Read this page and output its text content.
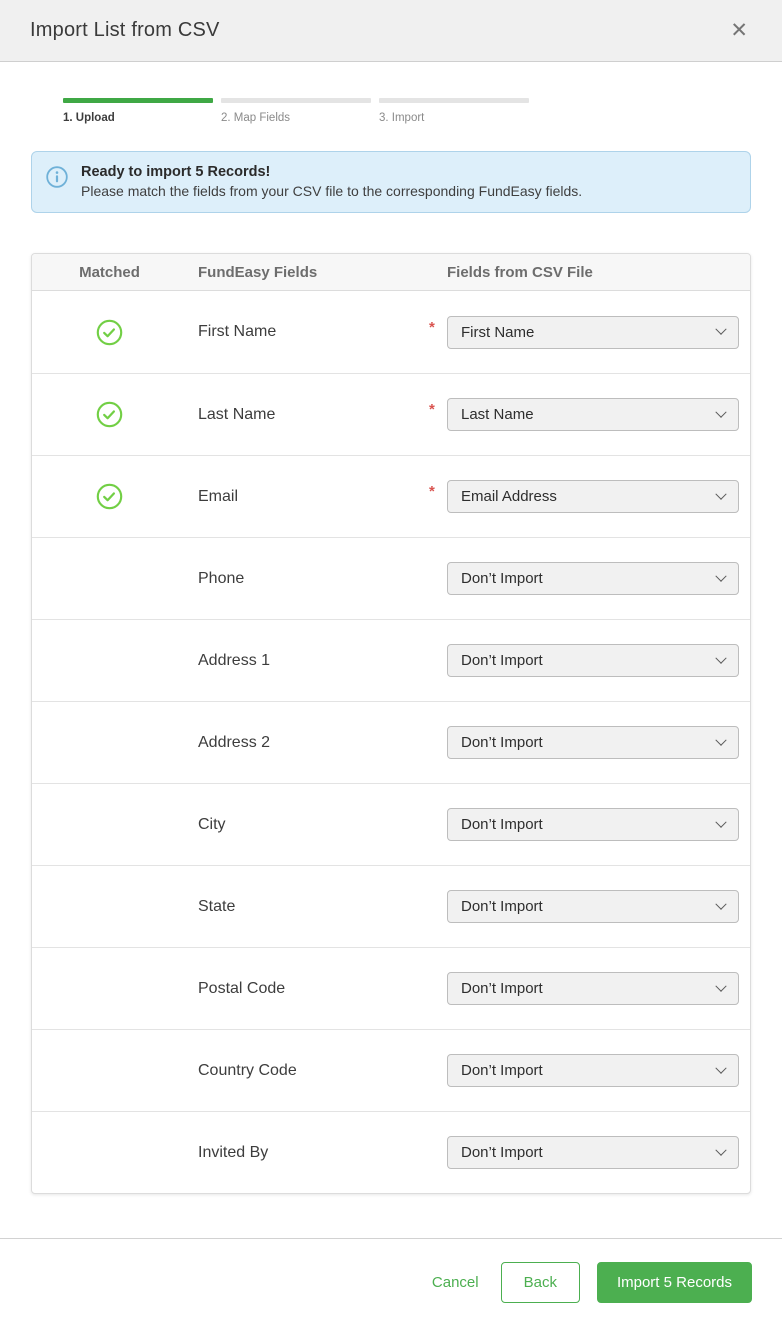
Import List from CSV	✕
1. Upload	2. Map Fields	3. Import
Ready to import 5 Records!
Please match the fields from your CSV file to the corresponding FundEasy fields.
Matched	FundEasy Fields	Fields from CSV File
First Name	*	First Name
Last Name	*	Last Name
Email	*	Email Address
Phone	Don’t Import
Address 1	Don’t Import
Address 2	Don’t Import
City	Don’t Import
State	Don’t Import
Postal Code	Don’t Import
Country Code	Don’t Import
Invited By	Don’t Import
Cancel	Back	Import 5 Records
